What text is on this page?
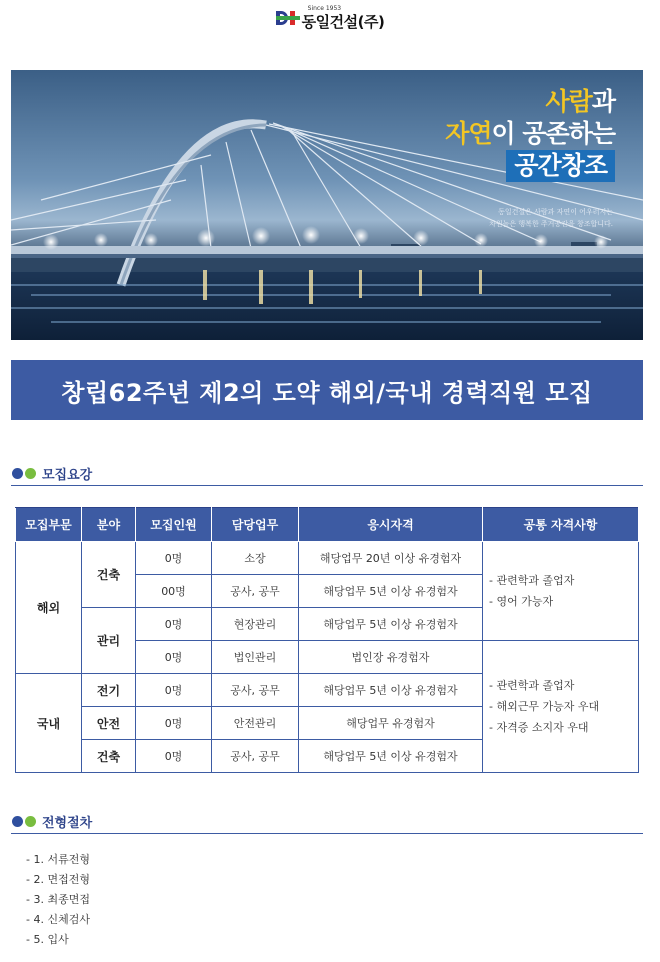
Since 1953
동일건설(주)
사람과
자연이 공존하는
공간창조
동일건설은 사람과 자연이 어우러지는
차원높은 행복한 주거공간을 창조합니다.
창립62주년 제2의 도약 해외/국내 경력직원 모집
모집요강
모집부문	분야	모집인원	담당업무	응시자격	공통 자격사항
해외	건축	0명	소장	해당업무 20년 이상 유경험자	- 관련학과 졸업자
- 영어 가능자

		00명	공사, 공무	해당업무 5년 이상 유경험자	
	관리	0명	현장관리	해당업무 5년 이상 유경험자	
		0명	법인관리	법인장 유경험자	- 관련학과 졸업자
- 해외근무 가능자 우대
- 자격증 소지자 우대

국내	전기	0명	공사, 공무	해당업무 5년 이상 유경험자	
	안전	0명	안전관리	해당업무 유경험자	
	건축	0명	공사, 공무	해당업무 5년 이상 유경험자	
전형절차
- 1. 서류전형
- 2. 면접전형
- 3. 최종면접
- 4. 신체검사
- 5. 입사
